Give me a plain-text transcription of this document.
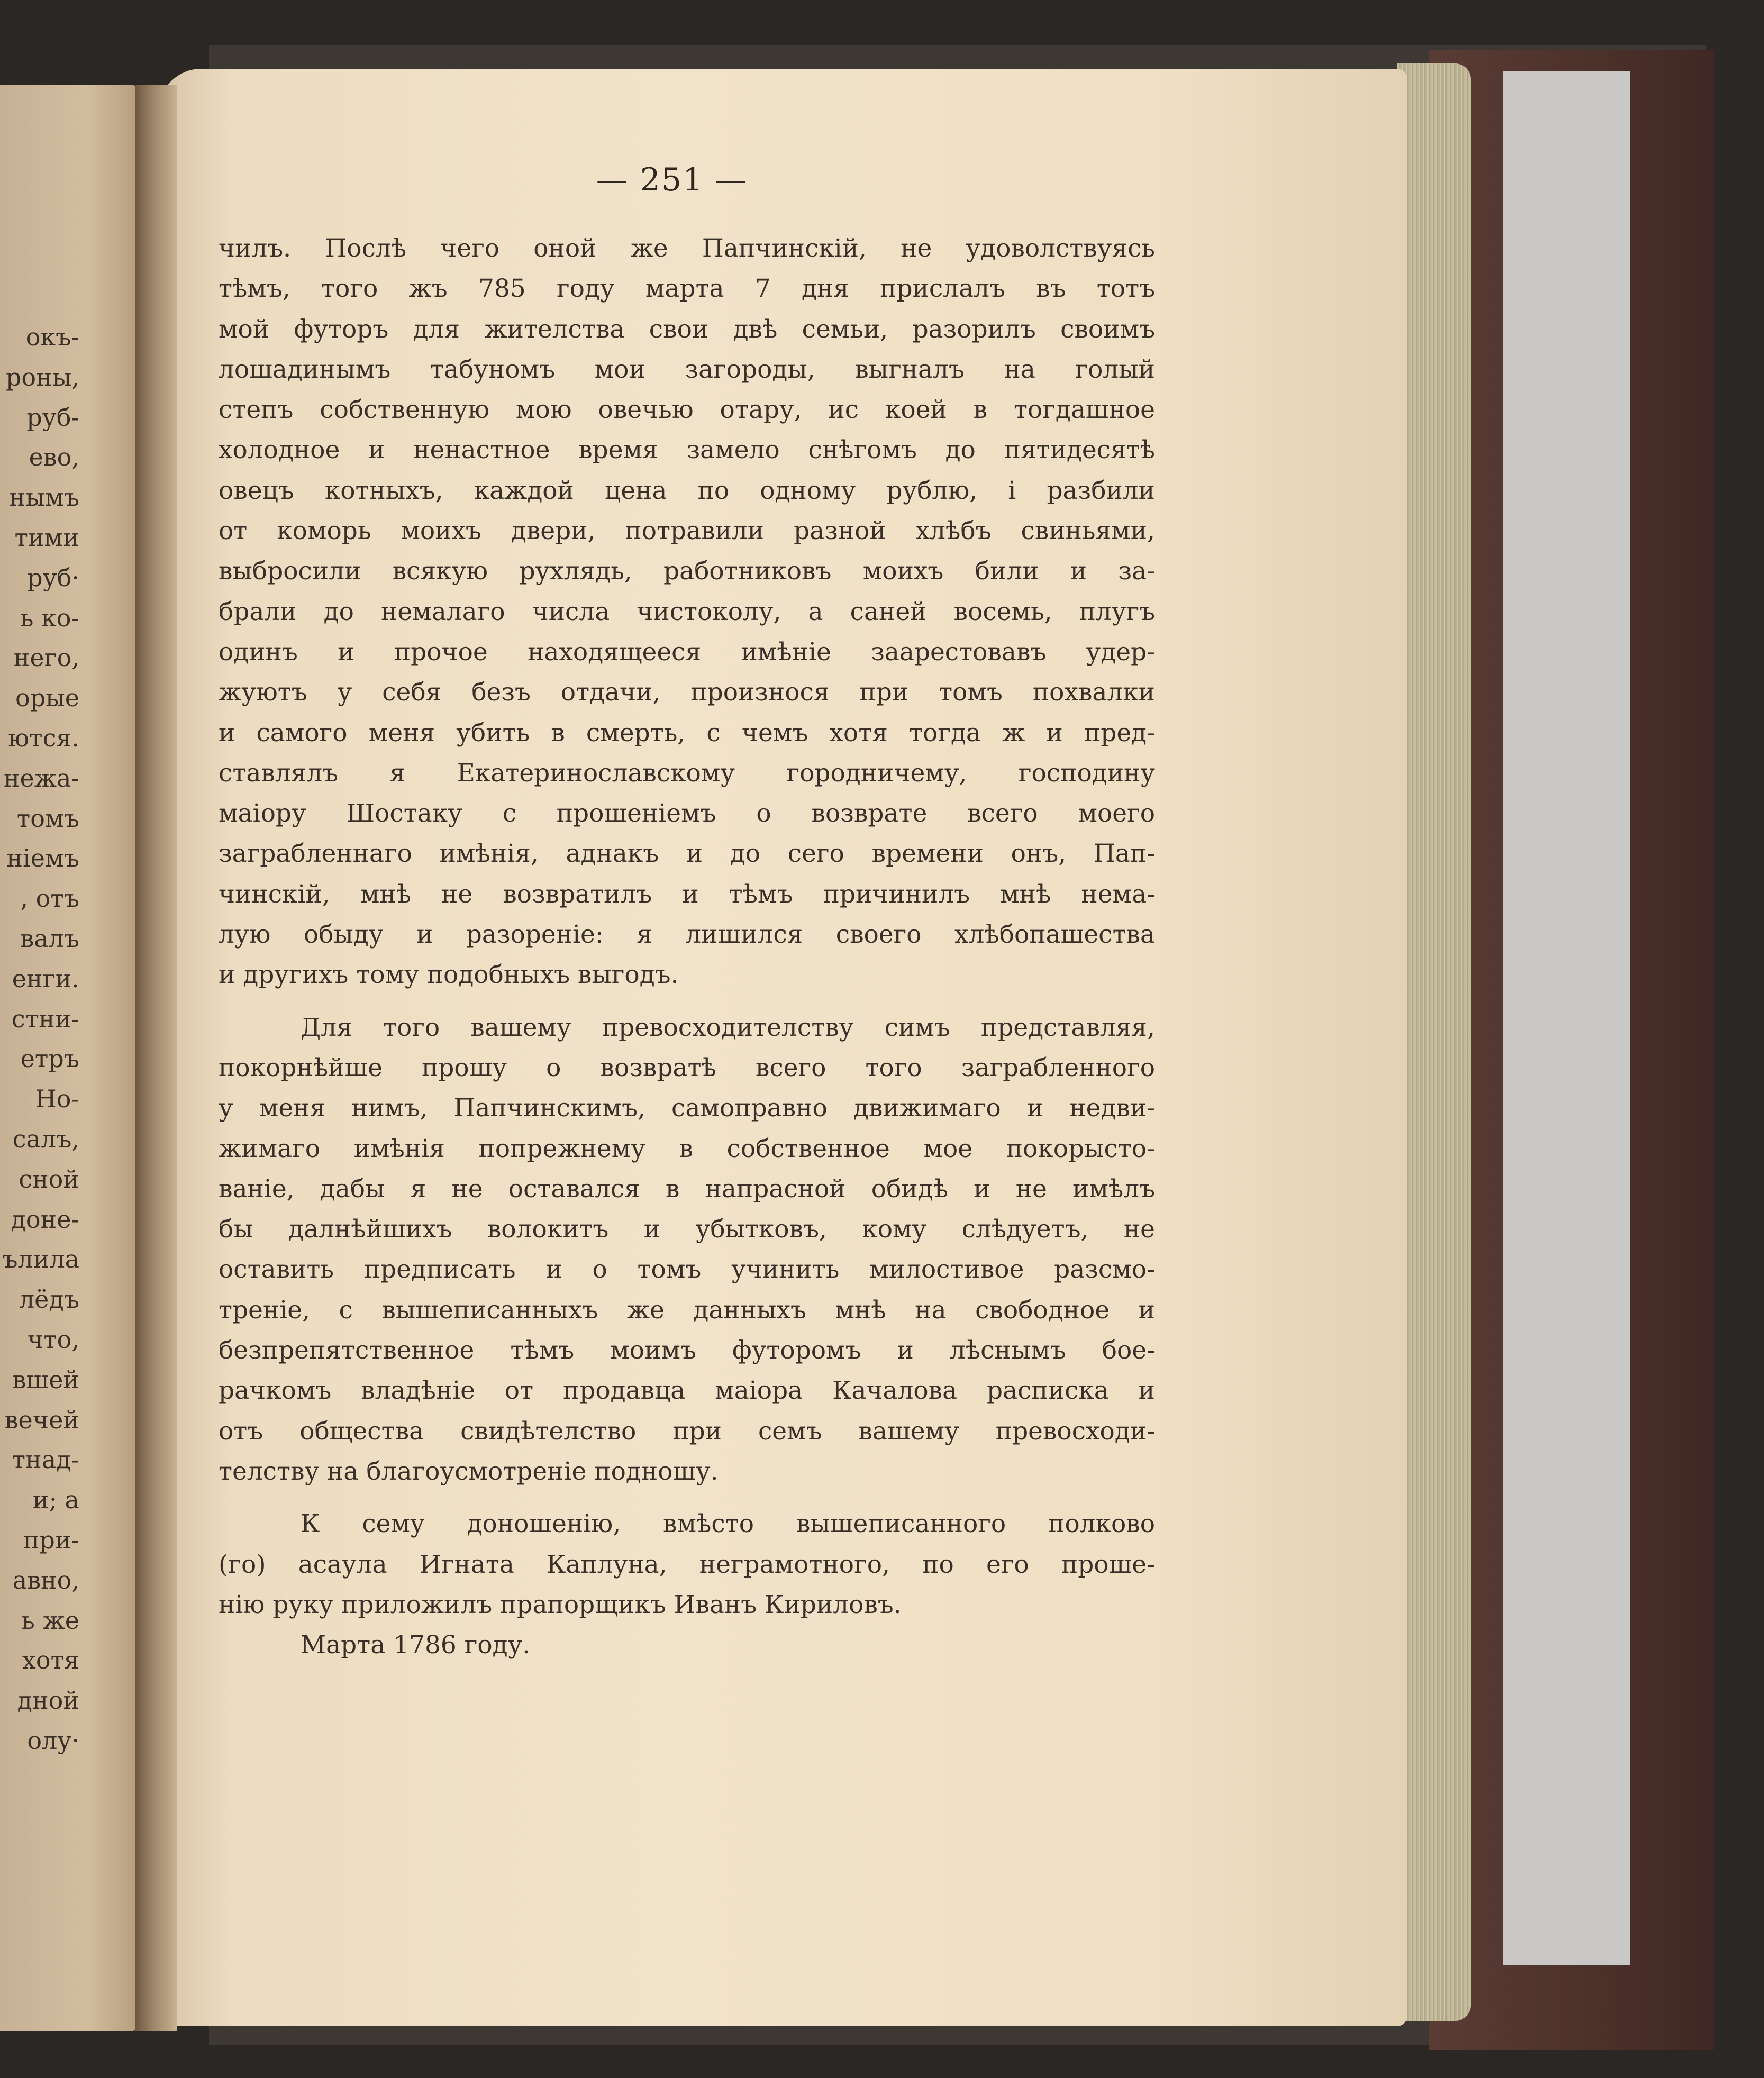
окъ-
роны,
руб-
ево,
нымъ
тими
руб·
ь ко-
него,
орые
ются.
нежа-
томъ
ніемъ
, отъ
валъ
енги.
стни-
етръ
Но-
салъ,
сной
доне-
ълила
лёдъ
что,
вшей
вечей
тнад-
и; а
при-
авно,
ь же
хотя
дной
олу·
— 251 —
чилъ. Послѣ чего оной же Папчинскій, не удоволствуясь
тѣмъ, того жъ 785 году марта 7 дня прислалъ въ тотъ
мой футоръ для жителства свои двѣ семьи, разорилъ своимъ
лошадинымъ табуномъ мои загороды, выгналъ на голый
степъ собственную мою овечью отару, ис коей в тогдашное
холодное и ненастное время замело снѣгомъ до пятидесятѣ
овецъ котныхъ, каждой цена по одному рублю, і разбили
от коморь моихъ двери, потравили разной хлѣбъ свиньями,
выбросили всякую рухлядь, работниковъ моихъ били и за-
брали до немалаго числа чистоколу, а саней восемь, плугъ
одинъ и прочое находящееся имѣніе заарестовавъ удер-
жуютъ у себя безъ отдачи, произнося при томъ похвалки
и самого меня убить в смерть, с чемъ хотя тогда ж и пред-
ставлялъ я Екатеринославскому городничему, господину
маіору Шостаку с прошеніемъ о возврате всего моего
заграбленнаго имѣнія, аднакъ и до сего времени онъ, Пап-
чинскій, мнѣ не возвратилъ и тѣмъ причинилъ мнѣ нема-
лую обыду и разореніе: я лишился своего хлѣбопашества
и другихъ тому подобныхъ выгодъ.
Для того вашему превосходителству симъ представляя,
покорнѣйше прошу о возвратѣ всего того заграбленного
у меня нимъ, Папчинскимъ, самоправно движимаго и недви-
жимаго имѣнія попрежнему в собственное мое покорысто-
ваніе, дабы я не оставался в напрасной обидѣ и не имѣлъ
бы далнѣйшихъ волокитъ и убытковъ, кому слѣдуетъ, не
оставить предписать и о томъ учинить милостивое разсмо-
треніе, с вышеписанныхъ же данныхъ мнѣ на свободное и
безпрепятственное тѣмъ моимъ футоромъ и лѣснымъ бое-
рачкомъ владѣніе от продавца маіора Качалова расписка и
отъ общества свидѣтелство при семъ вашему превосходи-
телству на благоусмотреніе подношу.
К сему доношенію, вмѣсто вышеписанного полково
(го) асаула Игната Каплуна, неграмотного, по его проше-
нію руку приложилъ прапорщикъ Иванъ Кириловъ.
Марта 1786 году.
